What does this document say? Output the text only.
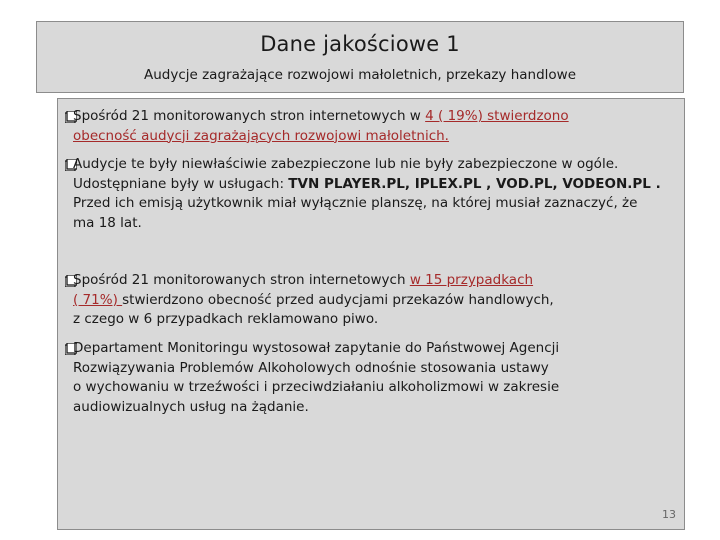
Dane jakościowe 1
Audycje zagrażające rozwojowi małoletnich, przekazy handlowe
Spośród 21 monitorowanych stron internetowych w 4 ( 19%) stwierdzono
obecność audycji zagrażających rozwojowi małoletnich.
Audycje te były niewłaściwie zabezpieczone lub nie były zabezpieczone w ogóle.
Udostępniane były w usługach: TVN PLAYER.PL, IPLEX.PL , VOD.PL, VODEON.PL .
Przed ich emisją użytkownik miał wyłącznie planszę, na której musiał zaznaczyć, że
ma 18 lat.
Spośród 21 monitorowanych stron internetowych w 15 przypadkach
( 71%) stwierdzono obecność przed audycjami przekazów handlowych,
z czego w 6 przypadkach reklamowano piwo.
Departament Monitoringu wystosował zapytanie do Państwowej Agencji
Rozwiązywania Problemów Alkoholowych odnośnie stosowania ustawy
o wychowaniu w trzeźwości i przeciwdziałaniu alkoholizmowi w zakresie
audiowizualnych usług na żądanie.
13
